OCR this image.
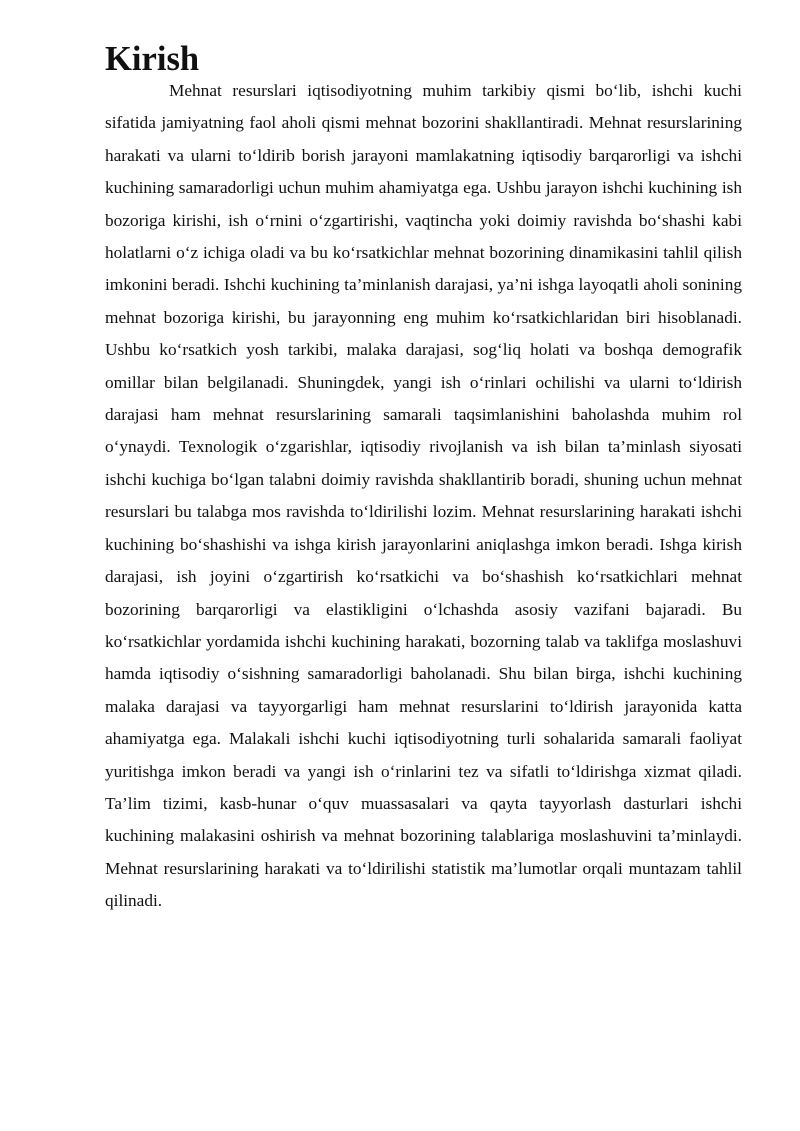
Kirish

Mehnat resurslari iqtisodiyotning muhim tarkibiy qismi bo‘lib, ishchi kuchi sifatida jamiyatning faol aholi qismi mehnat bozorini shakllantiradi. Mehnat resurslarining harakati va ularni to‘ldirib borish jarayoni mamlakatning iqtisodiy barqarorligi va ishchi kuchining samaradorligi uchun muhim ahamiyatga ega. Ushbu jarayon ishchi kuchining ish bozoriga kirishi, ish o‘rnini o‘zgartirishi, vaqtincha yoki doimiy ravishda bo‘shashi kabi holatlarni o‘z ichiga oladi va bu ko‘rsatkichlar mehnat bozorining dinamikasini tahlil qilish imkonini beradi. Ishchi kuchining ta’minlanish darajasi, ya’ni ishga layoqatli aholi sonining mehnat bozoriga kirishi, bu jarayonning eng muhim ko‘rsatkichlaridan biri hisoblanadi. Ushbu ko‘rsatkich yosh tarkibi, malaka darajasi, sog‘liq holati va boshqa demografik omillar bilan belgilanadi. Shuningdek, yangi ish o‘rinlari ochilishi va ularni to‘ldirish darajasi ham mehnat resurslarining samarali taqsimlanishini baholashda muhim rol o‘ynaydi. Texnologik o‘zgarishlar, iqtisodiy rivojlanish va ish bilan ta’minlash siyosati ishchi kuchiga bo‘lgan talabni doimiy ravishda shakllantirib boradi, shuning uchun mehnat resurslari bu talabga mos ravishda to‘ldirilishi lozim. Mehnat resurslarining harakati ishchi kuchining bo‘shashishi va ishga kirish jarayonlarini aniqlashga imkon beradi. Ishga kirish darajasi, ish joyini o‘zgartirish ko‘rsatkichi va bo‘shashish ko‘rsatkichlari mehnat bozorining barqarorligi va elastikligini o‘lchashda asosiy vazifani bajaradi. Bu ko‘rsatkichlar yordamida ishchi kuchining harakati, bozorning talab va taklifga moslashuvi hamda iqtisodiy o‘sishning samaradorligi baholanadi. Shu bilan birga, ishchi kuchining malaka darajasi va tayyorgarligi ham mehnat resurslarini to‘ldirish jarayonida katta ahamiyatga ega. Malakali ishchi kuchi iqtisodiyotning turli sohalarida samarali faoliyat yuritishga imkon beradi va yangi ish o‘rinlarini tez va sifatli to‘ldirishga xizmat qiladi. Ta’lim tizimi, kasb-hunar o‘quv muassasalari va qayta tayyorlash dasturlari ishchi kuchining malakasini oshirish va mehnat bozorining talablariga moslashuvini ta’minlaydi. Mehnat resurslarining harakati va to‘ldirilishi statistik ma’lumotlar orqali muntazam tahlil qilinadi.
